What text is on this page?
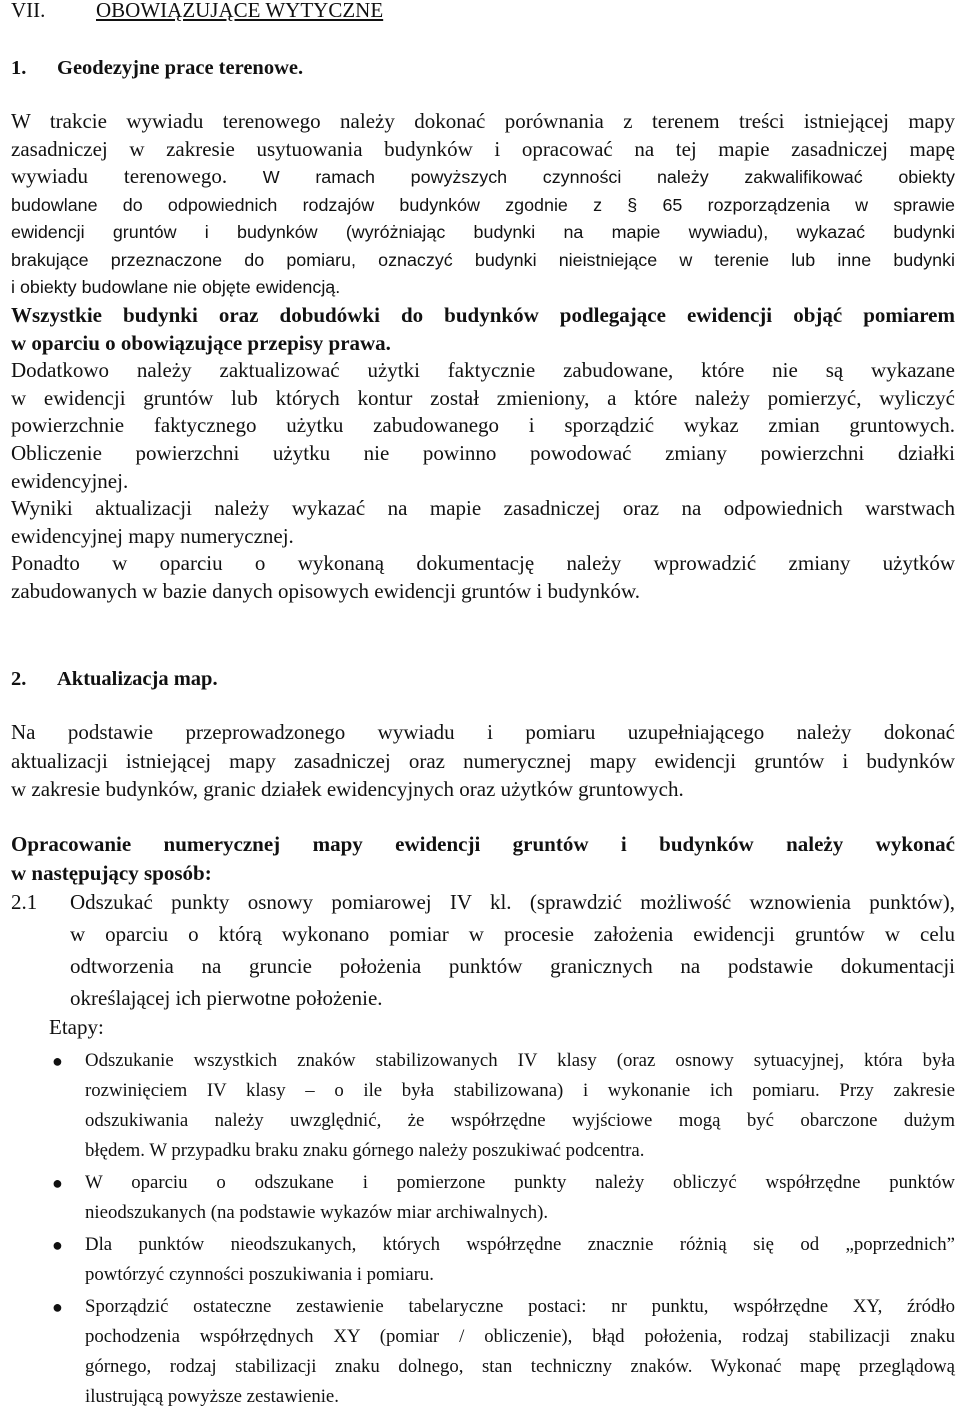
VII. OBOWIĄZUJĄCE WYTYCZNE
1. Geodezyjne prace terenowe.

W trakcie wywiadu terenowego należy dokonać porównania z terenem treści istniejącej mapy

zasadniczej w zakresie usytuowania budynków i opracować na tej mapie zasadniczej mapę

wywiadu terenowego. W ramach powyższych czynności należy zakwalifikować obiekty

budowlane do odpowiednich rodzajów budynków zgodnie z § 65 rozporządzenia w sprawie

ewidencji gruntów i budynków (wyróżniając budynki na mapie wywiadu), wykazać budynki

brakujące przeznaczone do pomiaru, oznaczyć budynki nieistniejące w terenie lub inne budynki

i obiekty budowlane nie objęte ewidencją.

Wszystkie budynki oraz dobudówki do budynków podlegające ewidencji objąć pomiarem

w oparciu o obowiązujące przepisy prawa.

Dodatkowo należy zaktualizować użytki faktycznie zabudowane, które nie są wykazane

w ewidencji gruntów lub których kontur został zmieniony, a które należy pomierzyć, wyliczyć

powierzchnie faktycznego użytku zabudowanego i sporządzić wykaz zmian gruntowych.

Obliczenie powierzchni użytku nie powinno powodować zmiany powierzchni działki

ewidencyjnej.

Wyniki aktualizacji należy wykazać na mapie zasadniczej oraz na odpowiednich warstwach

ewidencyjnej mapy numerycznej.

Ponadto w oparciu o wykonaną dokumentację należy wprowadzić zmiany użytków

zabudowanych w bazie danych opisowych ewidencji gruntów i budynków.

2. Aktualizacja map.

Na podstawie przeprowadzonego wywiadu i pomiaru uzupełniającego należy dokonać

aktualizacji istniejącej mapy zasadniczej oraz numerycznej mapy ewidencji gruntów i budynków

w zakresie budynków, granic działek ewidencyjnych oraz użytków gruntowych.

Opracowanie numerycznej mapy ewidencji gruntów i budynków należy wykonać

w następujący sposób:

2.1	Odszukać punkty osnowy pomiarowej IV kl. (sprawdzić możliwość wznowienia punktów),

w oparciu o którą wykonano pomiar w procesie założenia ewidencji gruntów w celu

odtworzenia na gruncie położenia punktów granicznych na podstawie dokumentacji

określającej ich pierwotne położenie.

Etapy:
● Odszukanie wszystkich znaków stabilizowanych IV klasy (oraz osnowy sytuacyjnej, która była

rozwinięciem IV klasy – o ile była stabilizowana) i wykonanie ich pomiaru. Przy zakresie

odszukiwania należy uwzględnić, że współrzędne wyjściowe mogą być obarczone dużym

błędem. W przypadku braku znaku górnego należy poszukiwać podcentra.

● W oparciu o odszukane i pomierzone punkty należy obliczyć współrzędne punktów

nieodszukanych (na podstawie wykazów miar archiwalnych).

● Dla punktów nieodszukanych, których współrzędne znacznie różnią się od „poprzednich”

powtórzyć czynności poszukiwania i pomiaru.

● Sporządzić ostateczne zestawienie tabelaryczne postaci: nr punktu, współrzędne XY, źródło

pochodzenia współrzędnych XY (pomiar / obliczenie), błąd położenia, rodzaj stabilizacji znaku

górnego, rodzaj stabilizacji znaku dolnego, stan techniczny znaków. Wykonać mapę przeglądową

ilustrującą powyższe zestawienie.
